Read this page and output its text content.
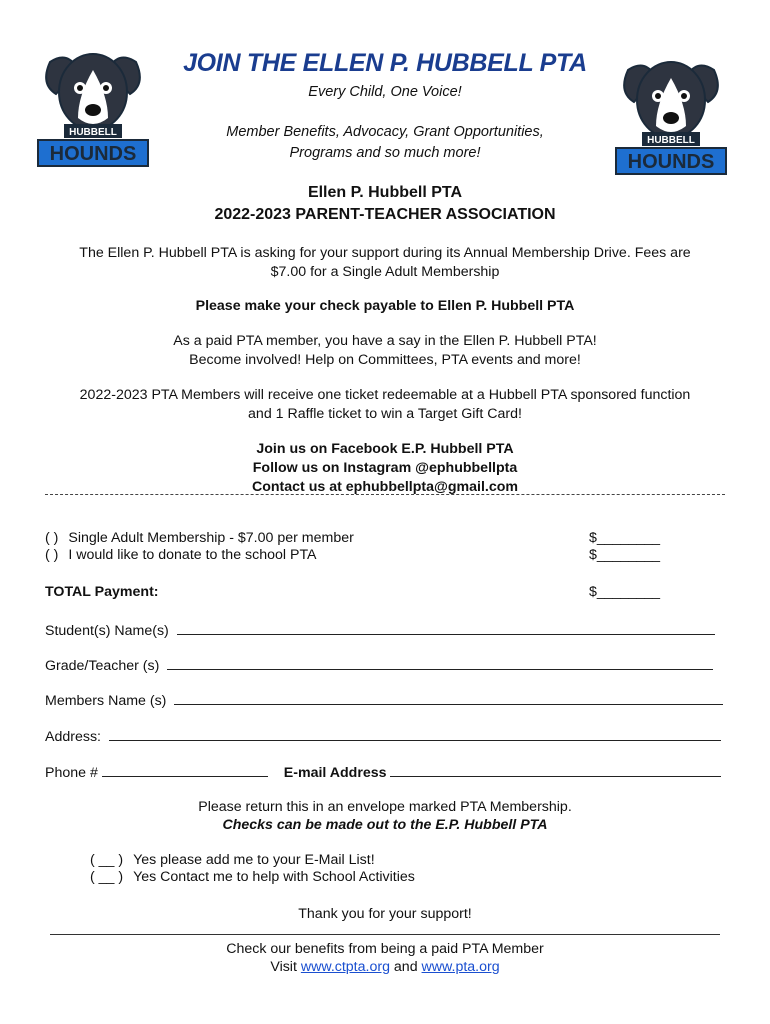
HUBBELL
HOUNDS
HUBBELL
HOUNDS
JOIN THE ELLEN P. HUBBELL PTA
Every Child, One Voice!
Member Benefits, Advocacy, Grant Opportunities,
Programs and so much more!
Ellen P. Hubbell PTA
2022-2023 PARENT-TEACHER ASSOCIATION
The Ellen P. Hubbell PTA is asking for your support during its Annual Membership Drive. Fees are
$7.00 for a Single Adult Membership
Please make your check payable to Ellen P. Hubbell PTA
As a paid PTA member, you have a say in the Ellen P. Hubbell PTA!
Become involved! Help on Committees, PTA events and more!
2022-2023 PTA Members will receive one ticket redeemable at a Hubbell PTA sponsored function
and 1 Raffle ticket to win a Target Gift Card!
Join us on Facebook E.P. Hubbell PTA
Follow us on Instagram @ephubbellpta
Contact us at ephubbellpta@gmail.com
( ) Single Adult Membership - $7.00 per member
( ) I would like to donate to the school PTA
$________
$________
TOTAL Payment:	$________
Student(s) Name(s)
Grade/Teacher (s)
Members Name (s)
Address:
Phone #	E-mail Address
Please return this in an envelope marked PTA Membership.
Checks can be made out to the E.P. Hubbell PTA
( __ ) Yes please add me to your E-Mail List!
( __ ) Yes Contact me to help with School Activities
Thank you for your support!
Check our benefits from being a paid PTA Member
Visit www.ctpta.org and www.pta.org
